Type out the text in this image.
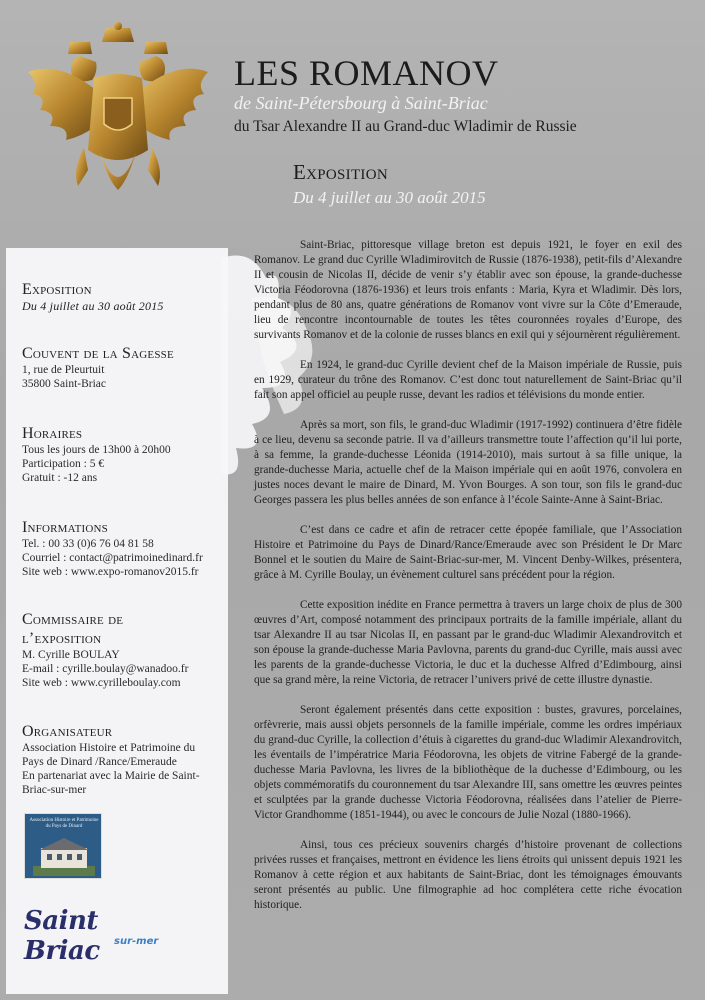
LES ROMANOV
de Saint-Pétersbourg à Saint-Briac
du Tsar Alexandre II au Grand-duc Wladimir de Russie
Exposition
Du 4 juillet au 30 août 2015
Exposition
Du 4 juillet au 30 août 2015
Couvent de la Sagesse
1, rue de Pleurtuit
35800 Saint-Briac
Horaires
Tous les jours de 13h00 à 20h00
Participation : 5 €
Gratuit : -12 ans
Informations
Tel. : 00 33 (0)6 76 04 81 58
Courriel : contact@patrimoinedinard.fr
Site web : www.expo-romanov2015.fr
Commissaire de
l’exposition
M. Cyrille BOULAY
E-mail : cyrille.boulay@wanadoo.fr
Site web : www.cyrilleboulay.com
Organisateur
Association Histoire et Patrimoine du
Pays de Dinard /Rance/Emeraude
En partenariat avec la Mairie de Saint-
Briac-sur-mer
Association Histoire et Patrimoine du Pays de Dinard
Saint Briac	sur-mer

Saint-Briac, pittoresque village breton est depuis 1921, le foyer en exil des Romanov. Le grand duc Cyrille Wladimirovitch de Russie (1876-1938), petit-fils d’Alexandre II et cousin de Nicolas II, décide de venir s’y établir avec son épouse, la grande-duchesse Victoria Féodorovna (1876-1936) et leurs trois enfants : Maria, Kyra et Wladimir. Dès lors, pendant plus de 80 ans, quatre générations de Romanov vont vivre sur la Côte d’Emeraude, lieu de rencontre incontournable de toutes les têtes couronnées royales d’Europe, des survivants Romanov et de la colonie de russes blancs en exil qui y séjournèrent régulièrement.

En 1924, le grand-duc Cyrille devient chef de la Maison impériale de Russie, puis en 1929, curateur du trône des Romanov. C’est donc tout naturellement de Saint-Briac qu’il fait son appel officiel au peuple russe, devant les radios et télévisions du monde entier.

Après sa mort, son fils, le grand-duc Wladimir (1917-1992) continuera d’être fidèle à ce lieu, devenu sa seconde patrie. Il va d’ailleurs transmettre toute l’affection qu’il lui porte, à sa femme, la grande-duchesse Léonida (1914-2010), mais surtout à sa fille unique, la grande-duchesse Maria, actuelle chef de la Maison impériale qui en août 1976, convolera en justes noces devant le maire de Dinard, M. Yvon Bourges. A son tour, son fils le grand-duc Georges passera les plus belles années de son enfance à l’école Sainte-Anne à Saint-Briac.

C’est dans ce cadre et afin de retracer cette épopée familiale, que l’Association Histoire et Patrimoine du Pays de Dinard/Rance/Emeraude avec son Président le Dr Marc Bonnel et le soutien du Maire de Saint-Briac-sur-mer, M. Vincent Denby-Wilkes, présentera, grâce à M. Cyrille Boulay, un évènement culturel sans précédent pour la région.

Cette exposition inédite en France permettra à travers un large choix de plus de 300 œuvres d’Art, composé notamment des principaux portraits de la famille impériale, allant du tsar Alexandre II au tsar Nicolas II, en passant par le grand-duc Wladimir Alexandrovitch et son épouse la grande-duchesse Maria Pavlovna, parents du grand-duc Cyrille, mais aussi avec les parents de la grande-duchesse Victoria, le duc et la duchesse Alfred d’Edimbourg, ainsi que sa grand mère, la reine Victoria, de retracer l’univers privé de cette illustre dynastie.

Seront également présentés dans cette exposition : bustes, gravures, porcelaines, orfèvrerie, mais aussi objets personnels de la famille impériale, comme les ordres impériaux du grand-duc Cyrille, la collection d’étuis à cigarettes du grand-duc Wladimir Alexandrovitch, les éventails de l’impératrice Maria Féodorovna, les objets de vitrine Fabergé de la grande-duchesse Maria Pavlovna, les livres de la bibliothèque de la duchesse d’Edimbourg, ou les objets commémoratifs du couronnement du tsar Alexandre III, sans omettre les œuvres peintes et sculptées par la grande duchesse Victoria Féodorovna, réalisées dans l’atelier de Pierre-Victor Grandhomme (1851-1944), ou avec le concours de Julie Nozal (1880-1966).

Ainsi, tous ces précieux souvenirs chargés d’histoire provenant de collections privées russes et françaises, mettront en évidence les liens étroits qui unissent depuis 1921 les Romanov à cette région et aux habitants de Saint-Briac, dont les témoignages émouvants seront présentés au public. Une filmographie ad hoc complétera cette riche évocation historique.
